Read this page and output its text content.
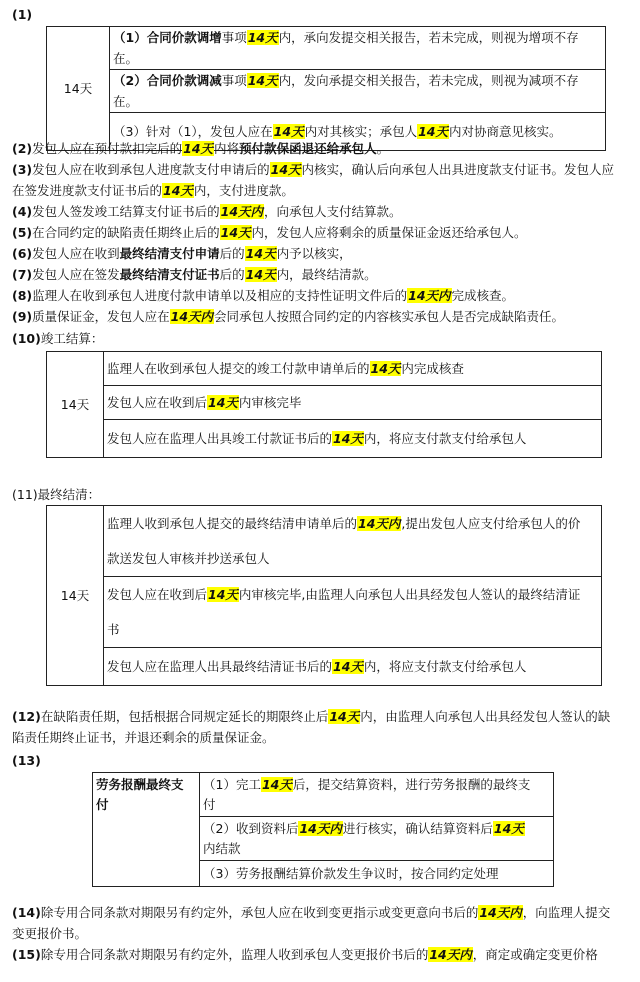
(1)
14天	（1）合同价款调增事项14天内，承向发提交相关报告，若未完成，则视为增项不存在。
（2）合同价款调减事项14天内，发向承提交相关报告，若未完成，则视为减项不存在。
（3）针对（1），发包人应在14天内对其核实；承包人14天内对协商意见核实。
(2)发包人应在预付款扣完后的14天内将预付款保函退还给承包人。
(3)发包人应在收到承包人进度款支付申请后的14天内核实，确认后向承包人出具进度款支付证书。发包人应
在签发进度款支付证书后的14天内，支付进度款。
(4)发包人签发竣工结算支付证书后的14天内，向承包人支付结算款。
(5)在合同约定的缺陷责任期终止后的14天内，发包人应将剩余的质量保证金返还给承包人。
(6)发包人应在收到最终结清支付申请后的14天内予以核实，
(7)发包人应在签发最终结清支付证书后的14天内，最终结清款。
(8)监理人在收到承包人进度付款申请单以及相应的支持性证明文件后的14天内完成核查。
(9)质量保证金，发包人应在14天内会同承包人按照合同约定的内容核实承包人是否完成缺陷责任。
(10)竣工结算：
14天	监理人在收到承包人提交的竣工付款申请单后的14天内完成核查
发包人应在收到后14天内审核完毕
发包人应在监理人出具竣工付款证书后的14天内，将应支付款支付给承包人
(11)最终结清：
14天	监理人收到承包人提交的最终结清申请单后的14天内,提出发包人应支付给承包人的价
款送发包人审核并抄送承包人
发包人应在收到后14天内审核完毕,由监理人向承包人出具经发包人签认的最终结清证
书
发包人应在监理人出具最终结清证书后的14天内，将应支付款支付给承包人
(12)在缺陷责任期，包括根据合同规定延长的期限终止后14天内，由监理人向承包人出具经发包人签认的缺
陷责任期终止证书，并退还剩余的质量保证金。
(13)
劳务报酬最终支
付
	（1）完工14天后，提交结算资料，进行劳务报酬的最终支
付
（2）收到资料后14天内进行核实，确认结算资料后14天
内结款
（3）劳务报酬结算价款发生争议时，按合同约定处理
(14)除专用合同条款对期限另有约定外，承包人应在收到变更指示或变更意向书后的14天内，向监理人提交
变更报价书。
(15)除专用合同条款对期限另有约定外，监理人收到承包人变更报价书后的14天内，商定或确定变更价格
